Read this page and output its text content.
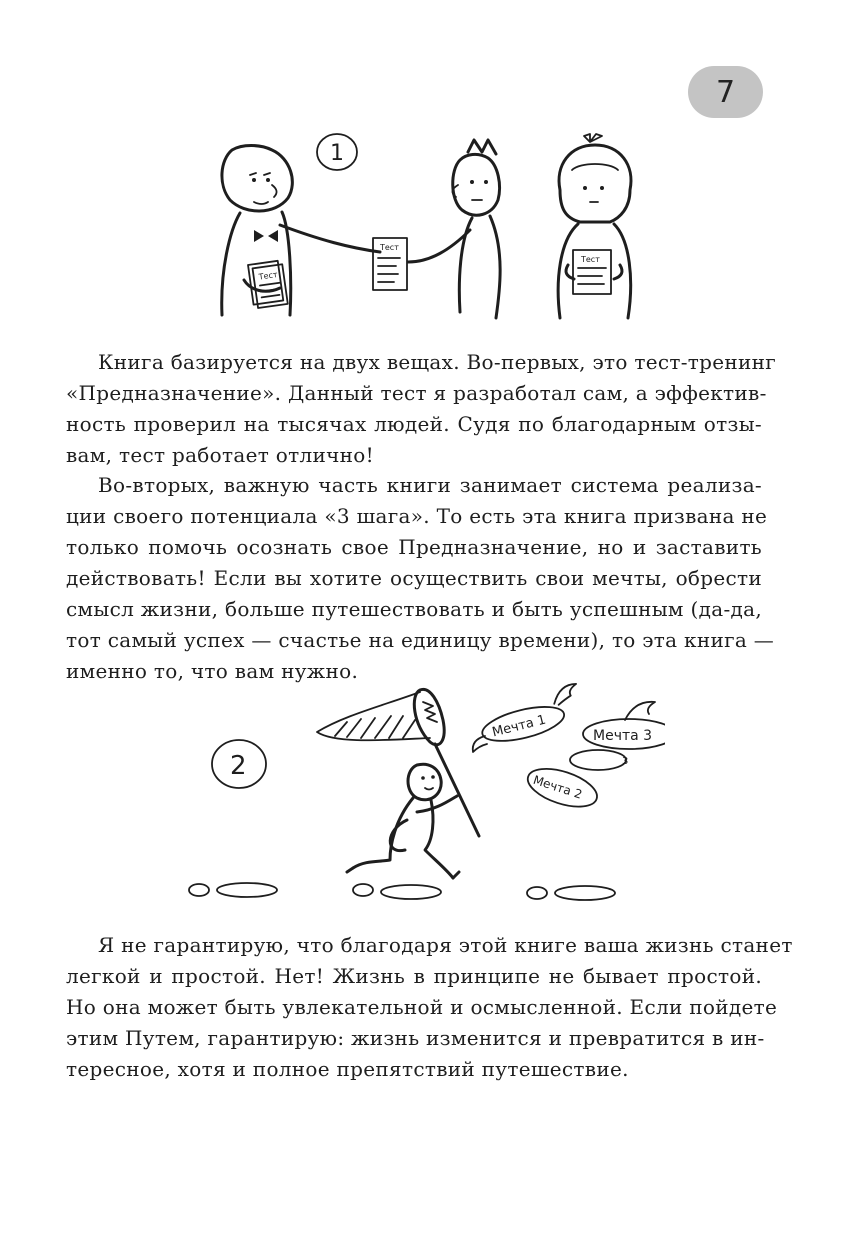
7
1
Тест
Тест
Тест
Книга базируется на двух вещах. Во-первых, это тест-тренинг
«Предназначение». Данный тест я разработал сам, а эффектив-
ность проверил на тысячах людей. Судя по благодарным отзы-
вам, тест работает отлично!
Во-вторых, важную часть книги занимает система реализа-
ции своего потенциала «3 шага». То есть эта книга призвана не
только помочь осознать свое Предназначение, но и заставить
действовать! Если вы хотите осуществить свои мечты, обрести
смысл жизни, больше путешествовать и быть успешным (да-да,
тот самый успех — счастье на единицу времени), то эта книга —
именно то, что вам нужно.
2
Мечта 1	Мечта 3
3
Мечта 2
Я не гарантирую, что благодаря этой книге ваша жизнь станет
легкой и простой. Нет! Жизнь в принципе не бывает простой.
Но она может быть увлекательной и осмысленной. Если пойдете
этим Путем, гарантирую: жизнь изменится и превратится в ин-
тересное, хотя и полное препятствий путешествие.
